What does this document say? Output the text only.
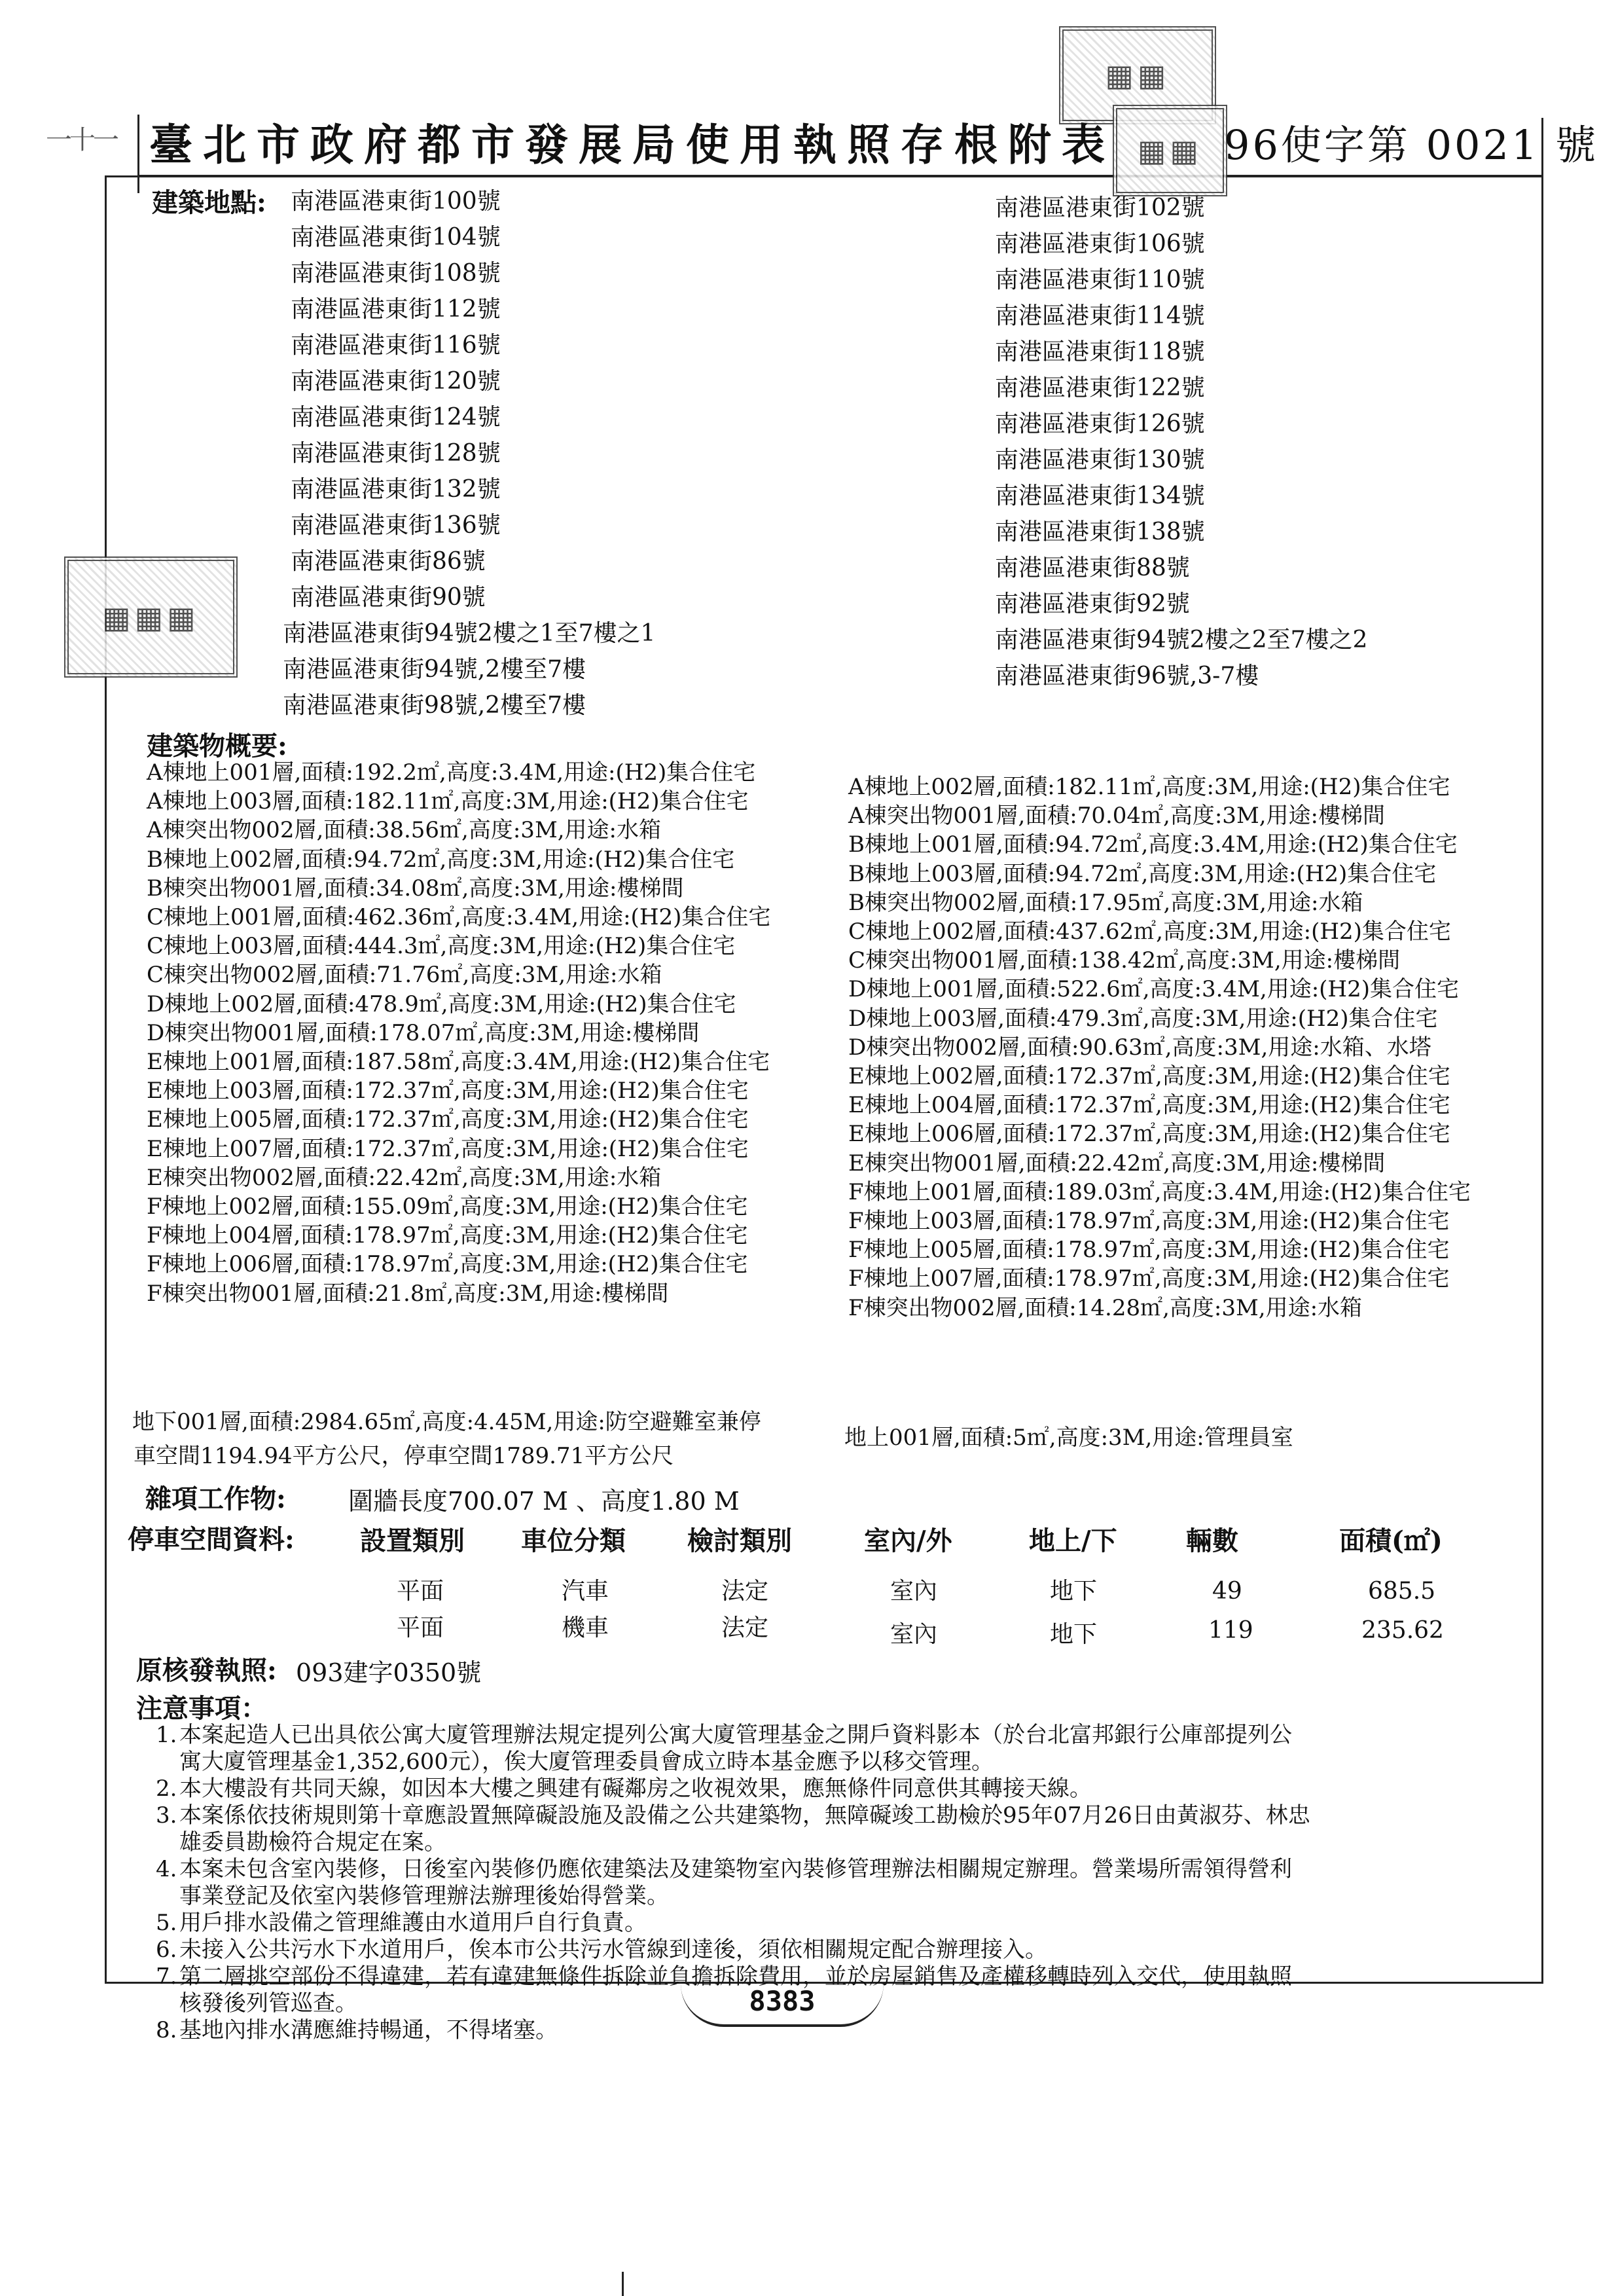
▦▦
▦▦
▦▦▦
一十一 臺北市政府都市發展局使用執照存根附表	96使字第 0021 號
建築地點: 南港區港東街100號
南港區港東街104號
南港區港東街108號
南港區港東街112號
南港區港東街116號
南港區港東街120號
南港區港東街124號
南港區港東街128號
南港區港東街132號
南港區港東街136號
南港區港東街86號
南港區港東街90號
南港區港東街94號2樓之1至7樓之1
南港區港東街94號,2樓至7樓
南港區港東街98號,2樓至7樓
南港區港東街102號
南港區港東街106號
南港區港東街110號
南港區港東街114號
南港區港東街118號
南港區港東街122號
南港區港東街126號
南港區港東街130號
南港區港東街134號
南港區港東街138號
南港區港東街88號
南港區港東街92號
南港區港東街94號2樓之2至7樓之2
南港區港東街96號,3-7樓
建築物概要:
A棟地上001層,面積:192.2㎡,高度:3.4M,用途:(H2)集合住宅
A棟地上003層,面積:182.11㎡,高度:3M,用途:(H2)集合住宅
A棟突出物002層,面積:38.56㎡,高度:3M,用途:水箱
B棟地上002層,面積:94.72㎡,高度:3M,用途:(H2)集合住宅
B棟突出物001層,面積:34.08㎡,高度:3M,用途:樓梯間
C棟地上001層,面積:462.36㎡,高度:3.4M,用途:(H2)集合住宅
C棟地上003層,面積:444.3㎡,高度:3M,用途:(H2)集合住宅
C棟突出物002層,面積:71.76㎡,高度:3M,用途:水箱
D棟地上002層,面積:478.9㎡,高度:3M,用途:(H2)集合住宅
D棟突出物001層,面積:178.07㎡,高度:3M,用途:樓梯間
E棟地上001層,面積:187.58㎡,高度:3.4M,用途:(H2)集合住宅
E棟地上003層,面積:172.37㎡,高度:3M,用途:(H2)集合住宅
E棟地上005層,面積:172.37㎡,高度:3M,用途:(H2)集合住宅
E棟地上007層,面積:172.37㎡,高度:3M,用途:(H2)集合住宅
E棟突出物002層,面積:22.42㎡,高度:3M,用途:水箱
F棟地上002層,面積:155.09㎡,高度:3M,用途:(H2)集合住宅
F棟地上004層,面積:178.97㎡,高度:3M,用途:(H2)集合住宅
F棟地上006層,面積:178.97㎡,高度:3M,用途:(H2)集合住宅
F棟突出物001層,面積:21.8㎡,高度:3M,用途:樓梯間
A棟地上002層,面積:182.11㎡,高度:3M,用途:(H2)集合住宅
A棟突出物001層,面積:70.04㎡,高度:3M,用途:樓梯間
B棟地上001層,面積:94.72㎡,高度:3.4M,用途:(H2)集合住宅
B棟地上003層,面積:94.72㎡,高度:3M,用途:(H2)集合住宅
B棟突出物002層,面積:17.95㎡,高度:3M,用途:水箱
C棟地上002層,面積:437.62㎡,高度:3M,用途:(H2)集合住宅
C棟突出物001層,面積:138.42㎡,高度:3M,用途:樓梯間
D棟地上001層,面積:522.6㎡,高度:3.4M,用途:(H2)集合住宅
D棟地上003層,面積:479.3㎡,高度:3M,用途:(H2)集合住宅
D棟突出物002層,面積:90.63㎡,高度:3M,用途:水箱、水塔
E棟地上002層,面積:172.37㎡,高度:3M,用途:(H2)集合住宅
E棟地上004層,面積:172.37㎡,高度:3M,用途:(H2)集合住宅
E棟地上006層,面積:172.37㎡,高度:3M,用途:(H2)集合住宅
E棟突出物001層,面積:22.42㎡,高度:3M,用途:樓梯間
F棟地上001層,面積:189.03㎡,高度:3.4M,用途:(H2)集合住宅
F棟地上003層,面積:178.97㎡,高度:3M,用途:(H2)集合住宅
F棟地上005層,面積:178.97㎡,高度:3M,用途:(H2)集合住宅
F棟地上007層,面積:178.97㎡,高度:3M,用途:(H2)集合住宅
F棟突出物002層,面積:14.28㎡,高度:3M,用途:水箱
地下001層,面積:2984.65㎡,高度:4.45M,用途:防空避難室兼停
車空間1194.94平方公尺，停車空間1789.71平方公尺
地上001層,面積:5㎡,高度:3M,用途:管理員室
雜項工作物:	圍牆長度700.07 M 、高度1.80 M
停車空間資料:	設置類別 車位分類 檢討類別	室內/外	地上/下	輛數	面積(㎡)
平面	汽車	法定	室內	地下	49	685.5
平面	機車	法定	室內	地下	119	235.62
原核發執照: 093建字0350號
注意事項：
1. 本案起造人已出具依公寓大廈管理辦法規定提列公寓大廈管理基金之開戶資料影本（於台北富邦銀行公庫部提列公
寓大廈管理基金1,352,600元），俟大廈管理委員會成立時本基金應予以移交管理。
2. 本大樓設有共同天線，如因本大樓之興建有礙鄰房之收視效果，應無條件同意供其轉接天線。
3. 本案係依技術規則第十章應設置無障礙設施及設備之公共建築物，無障礙竣工勘檢於95年07月26日由黃淑芬、林忠
雄委員勘檢符合規定在案。
4. 本案未包含室內裝修，日後室內裝修仍應依建築法及建築物室內裝修管理辦法相關規定辦理。營業場所需領得營利
事業登記及依室內裝修管理辦法辦理後始得營業。
5. 用戶排水設備之管理維護由水道用戶自行負責。
6. 未接入公共污水下水道用戶，俟本市公共污水管線到達後，須依相關規定配合辦理接入。
7. 第二層挑空部份不得違建，若有違建無條件拆除並負擔拆除費用，並於房屋銷售及產權移轉時列入交代，使用執照
核發後列管巡查。
8. 基地內排水溝應維持暢通，不得堵塞。
8383
